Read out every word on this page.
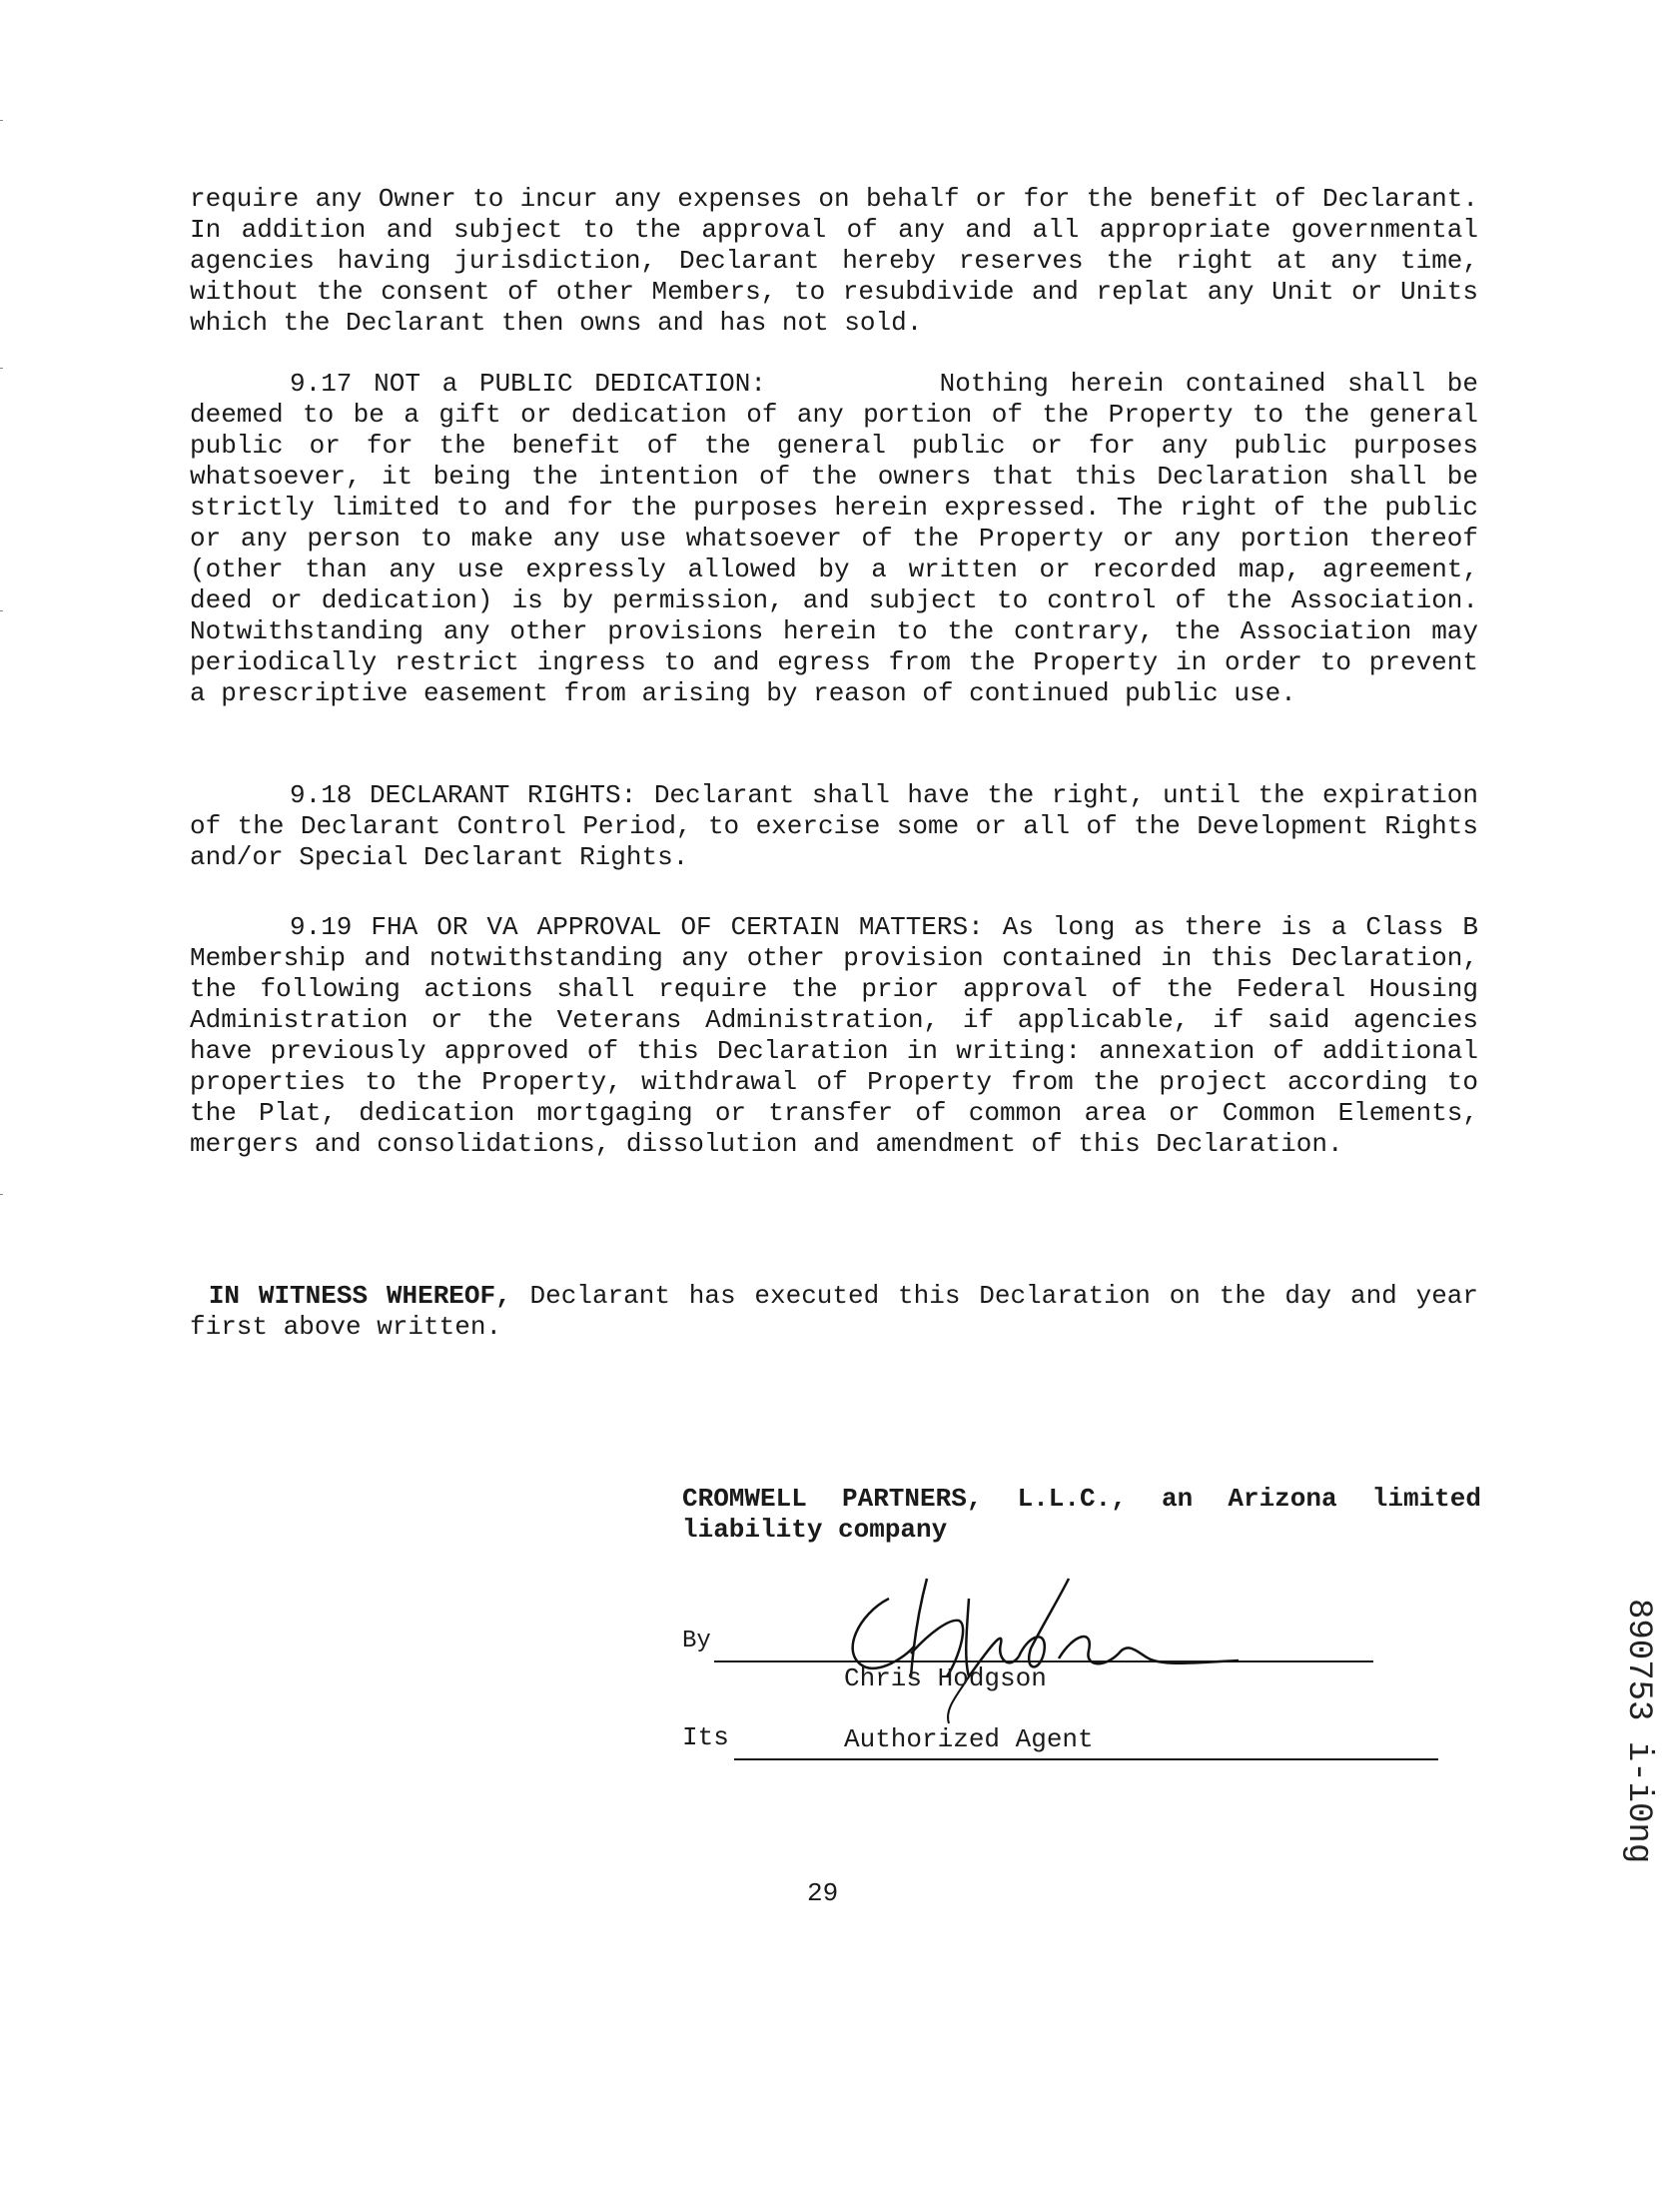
require any Owner to incur any expenses on behalf or for the benefit of Declarant. In addition and subject to the approval of any and all appropriate governmental agencies having jurisdiction, Declarant hereby reserves the right at any time, without the consent of other Members, to resubdivide and replat any Unit or Units which the Declarant then owns and has not sold.

9.17 NOT a PUBLIC DEDICATION:	Nothing herein contained shall be deemed to be a gift or dedication of any portion of the Property to the general public or for the benefit of the general public or for any public purposes whatsoever, it being the intention of the owners that this Declaration shall be strictly limited to and for the purposes herein expressed. The right of the public or any person to make any use whatsoever of the Property or any portion thereof (other than any use expressly allowed by a written or recorded map, agreement, deed or dedication) is by permission, and subject to control of the Association. Notwithstanding any other provisions herein to the contrary, the Association may periodically restrict ingress to and egress from the Property in order to prevent a prescriptive easement from arising by reason of continued public use.

9.18 DECLARANT RIGHTS: Declarant shall have the right, until the expiration of the Declarant Control Period, to exercise some or all of the Development Rights and/or Special Declarant Rights.

9.19 FHA OR VA APPROVAL OF CERTAIN MATTERS: As long as there is a Class B Membership and notwithstanding any other provision contained in this Declaration, the following actions shall require the prior approval of the Federal Housing Administration or the Veterans Administration, if applicable, if said agencies have previously approved of this Declaration in writing: annexation of additional properties to the Property, withdrawal of Property from the project according to the Plat, dedication mortgaging or transfer of common area or Common Elements, mergers and consolidations, dissolution and amendment of this Declaration.

IN WITNESS WHEREOF, Declarant has executed this Declaration on the day and year first above written.

CROMWELL PARTNERS, L.L.C., an Arizona limited liability company
By
Chris Hodgson
Its	Authorized Agent
29
890753 i-i0ng
